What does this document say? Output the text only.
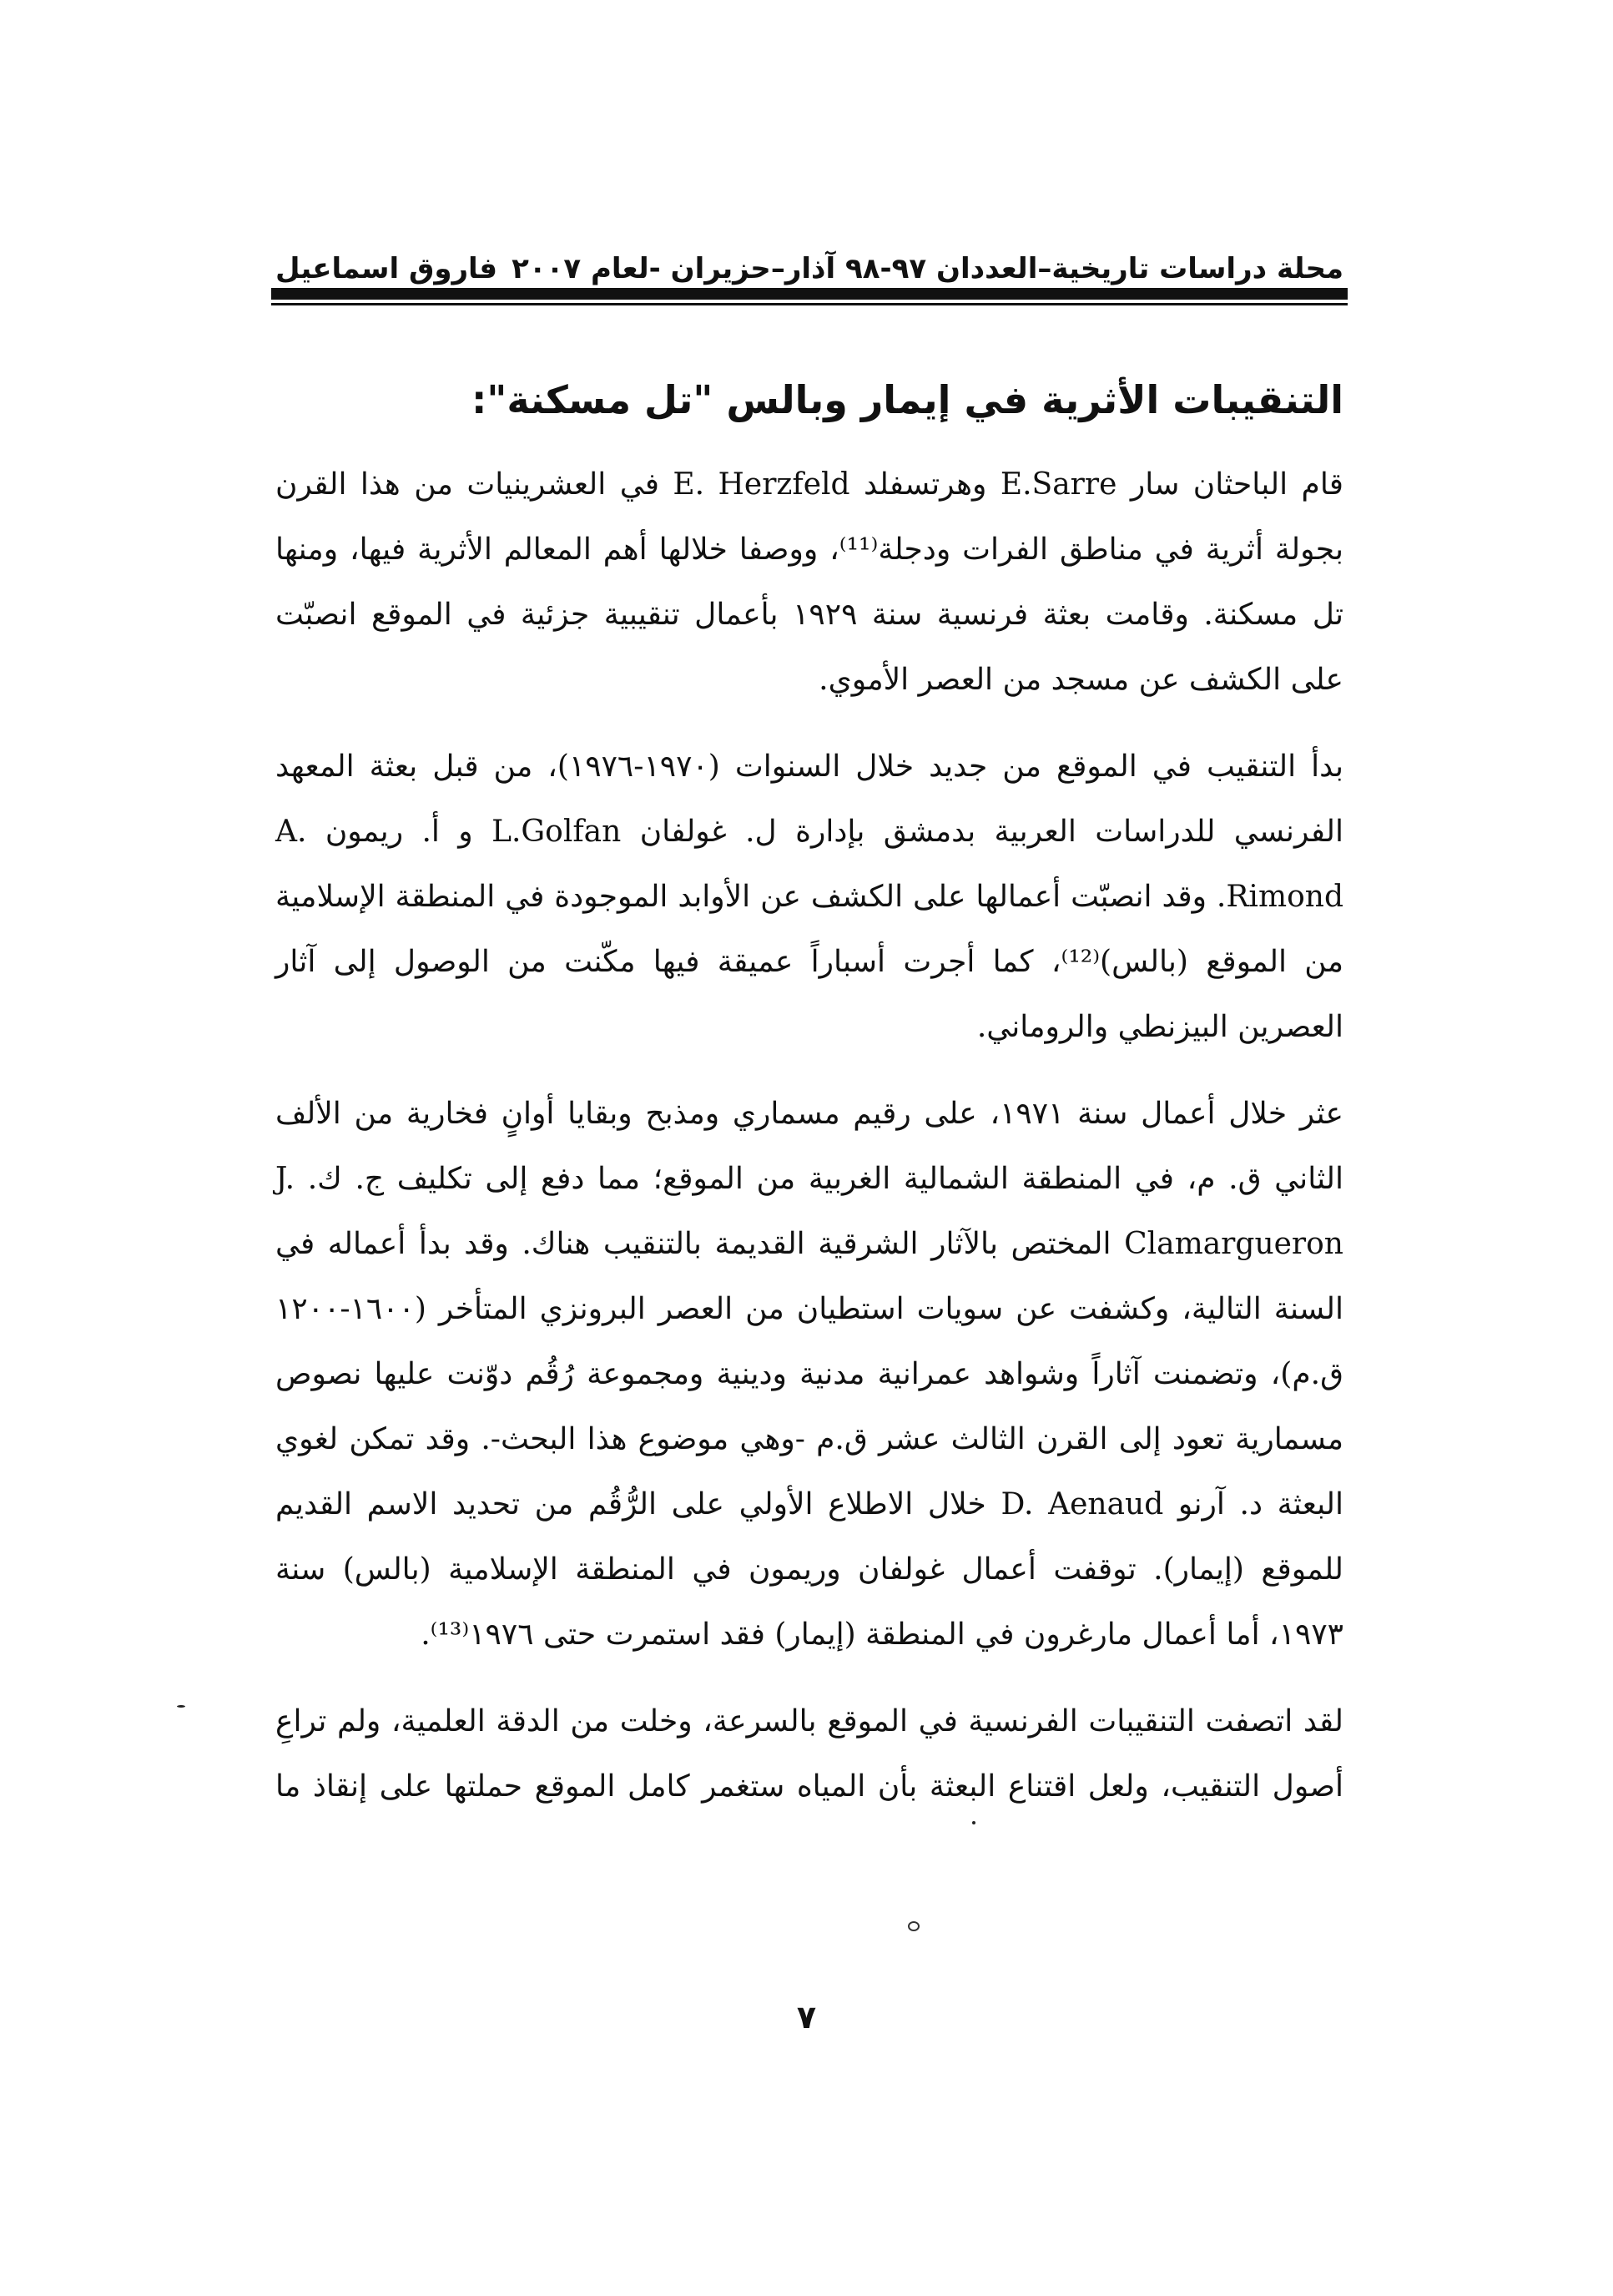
محلة دراسات تاريخية–العددان ٩٧-٩٨ آذار–حزيران -لعام ٢٠٠٧
فاروق اسماعيل
التنقيبات الأثرية في إيمار وبالس "تل مسكنة":

قام الباحثان سار E.Sarre وهرتسفلد E. Herzfeld في العشرينيات من هذا القرن بجولة أثرية في مناطق الفرات ودجلة⁽¹¹⁾، ووصفا خلالها أهم المعالم الأثرية فيها، ومنها تل مسكنة. وقامت بعثة فرنسية سنة ١٩٢٩ بأعمال تنقيبية جزئية في الموقع انصبّت على الكشف عن مسجد من العصر الأموي.

بدأ التنقيب في الموقع من جديد خلال السنوات (١٩٧٠-١٩٧٦)، من قبل بعثة المعهد الفرنسي للدراسات العربية بدمشق بإدارة ل. غولفان L.Golfan و أ. ريمون A. Rimond. وقد انصبّت أعمالها على الكشف عن الأوابد الموجودة في المنطقة الإسلامية من الموقع (بالس)⁽¹²⁾، كما أجرت أسباراً عميقة فيها مكّنت من الوصول إلى آثار العصرين البيزنطي والروماني.

عثر خلال أعمال سنة ١٩٧١، على رقيم مسماري ومذبح وبقايا أوانٍ فخارية من الألف الثاني ق. م، في المنطقة الشمالية الغربية من الموقع؛ مما دفع إلى تكليف ج. ك. J. Clamargueron المختص بالآثار الشرقية القديمة بالتنقيب هناك. وقد بدأ أعماله في السنة التالية، وكشفت عن سويات استطيان من العصر البرونزي المتأخر (١٦٠٠-١٢٠٠ ق.م)، وتضمنت آثاراً وشواهد عمرانية مدنية ودينية ومجموعة رُقُم دوّنت عليها نصوص مسمارية تعود إلى القرن الثالث عشر ق.م -وهي موضوع هذا البحث-. وقد تمكن لغوي البعثة د. آرنو D. Aenaud خلال الاطلاع الأولي على الرُّقُم من تحديد الاسم القديم للموقع (إيمار). توقفت أعمال غولفان وريمون في المنطقة الإسلامية (بالس) سنة ١٩٧٣، أما أعمال مارغرون في المنطقة (إيمار) فقد استمرت حتى ١٩٧٦⁽¹³⁾.

لقد اتصفت التنقيبات الفرنسية في الموقع بالسرعة، وخلت من الدقة العلمية، ولم تراعِ أصول التنقيب، ولعل اقتناع البعثة بأن المياه ستغمر كامل الموقع حملتها على إنقاذ ما

٧
